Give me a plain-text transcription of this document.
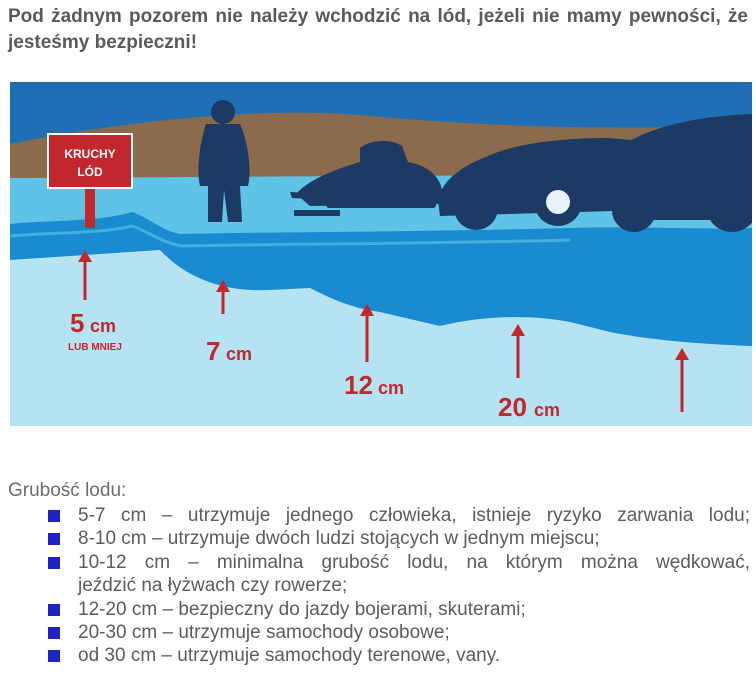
Pod żadnym pozorem nie należy wchodzić na lód, jeżeli nie mamy pewności, że jesteśmy bezpieczni!
KRUCHY
LÓD
5 cm
LUB MNIEJ	7 cm
12 cm
20 cm
Grubość lodu:
5-7 cm – utrzymuje jednego człowieka, istnieje ryzyko zarwania lodu;
8-10 cm – utrzymuje dwóch ludzi stojących w jednym miejscu;
10-12 cm – minimalna grubość lodu, na którym można wędkować,
jeździć na łyżwach czy rowerze;
12-20 cm – bezpieczny do jazdy bojerami, skuterami;
20-30 cm – utrzymuje samochody osobowe;
od 30 cm – utrzymuje samochody terenowe, vany.
